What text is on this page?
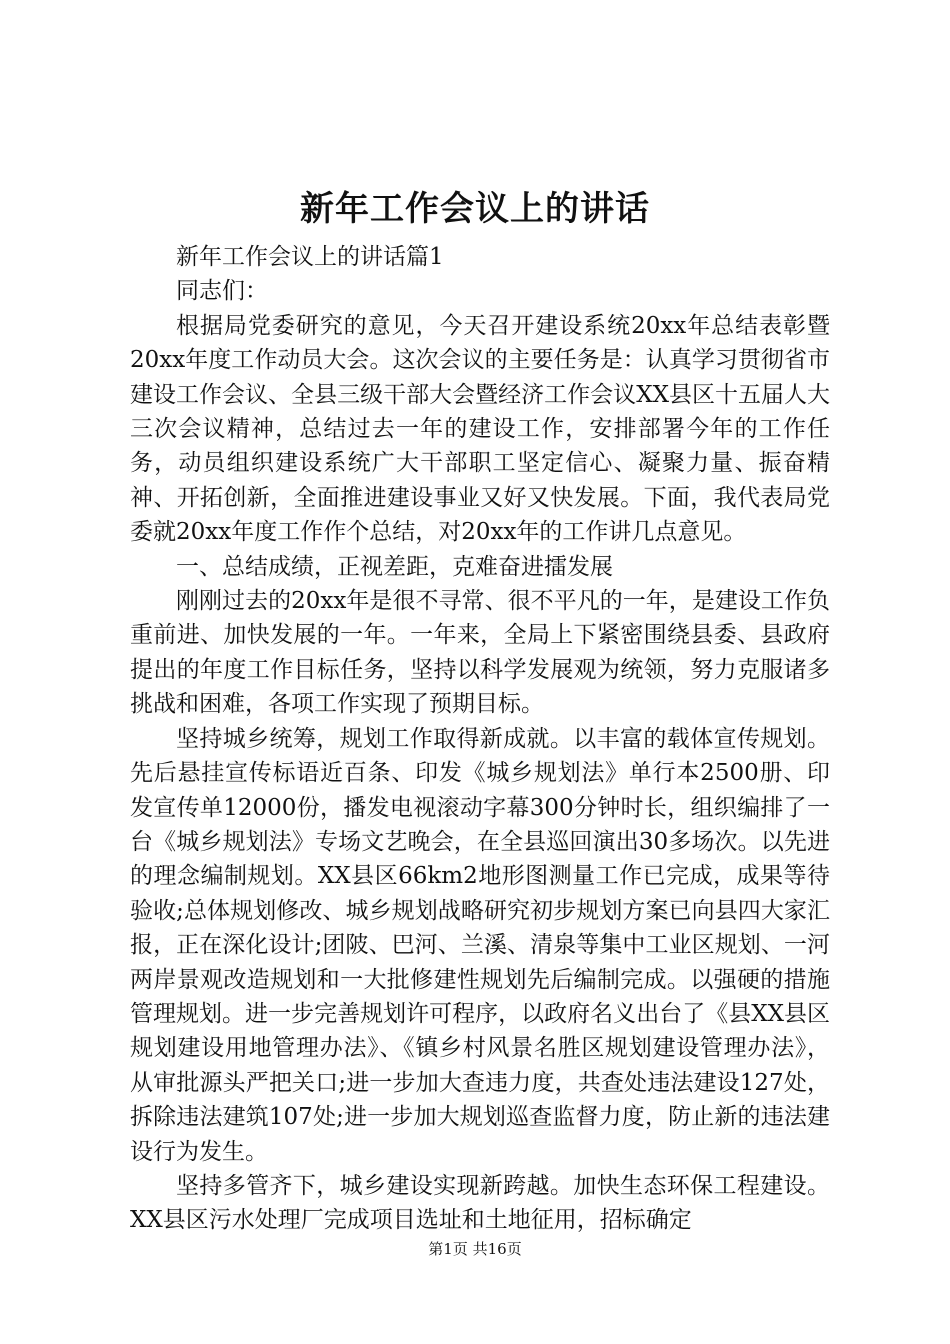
新年工作会议上的讲话

新年工作会议上的讲话篇1

同志们：

根据局党委研究的意见，今天召开建设系统20xx年总结表彰暨20xx年度工作动员大会。这次会议的主要任务是：认真学习贯彻省市建设工作会议、全县三级干部大会暨经济工作会议XX县区十五届人大三次会议精神，总结过去一年的建设工作，安排部署今年的工作任务，动员组织建设系统广大干部职工坚定信心、凝聚力量、振奋精神、开拓创新，全面推进建设事业又好又快发展。下面，我代表局党委就20xx年度工作作个总结，对20xx年的工作讲几点意见。

一、总结成绩，正视差距，克难奋进擂发展

刚刚过去的20xx年是很不寻常、很不平凡的一年，是建设工作负重前进、加快发展的一年。一年来，全局上下紧密围绕县委、县政府提出的年度工作目标任务，坚持以科学发展观为统领，努力克服诸多挑战和困难，各项工作实现了预期目标。

坚持城乡统筹，规划工作取得新成就。以丰富的载体宣传规划。先后悬挂宣传标语近百条、印发《城乡规划法》单行本2500册、印发宣传单12000份，播发电视滚动字幕300分钟时长，组织编排了一台《城乡规划法》专场文艺晚会，在全县巡回演出30多场次。以先进的理念编制规划。XX县区66km2地形图测量工作已完成，成果等待验收;总体规划修改、城乡规划战略研究初步规划方案已向县四大家汇报，正在深化设计;团陂、巴河、兰溪、清泉等集中工业区规划、一河两岸景观改造规划和一大批修建性规划先后编制完成。以强硬的措施管理规划。进一步完善规划许可程序，以政府名义出台了《县XX县区规划建设用地管理办法》、《镇乡村风景名胜区规划建设管理办法》，从审批源头严把关口;进一步加大查违力度，共查处违法建设127处，拆除违法建筑107处;进一步加大规划巡查监督力度，防止新的违法建设行为发生。

坚持多管齐下，城乡建设实现新跨越。加快生态环保工程建设。XX县区污水处理厂完成项目选址和土地征用，招标确定

第1页 共16页
